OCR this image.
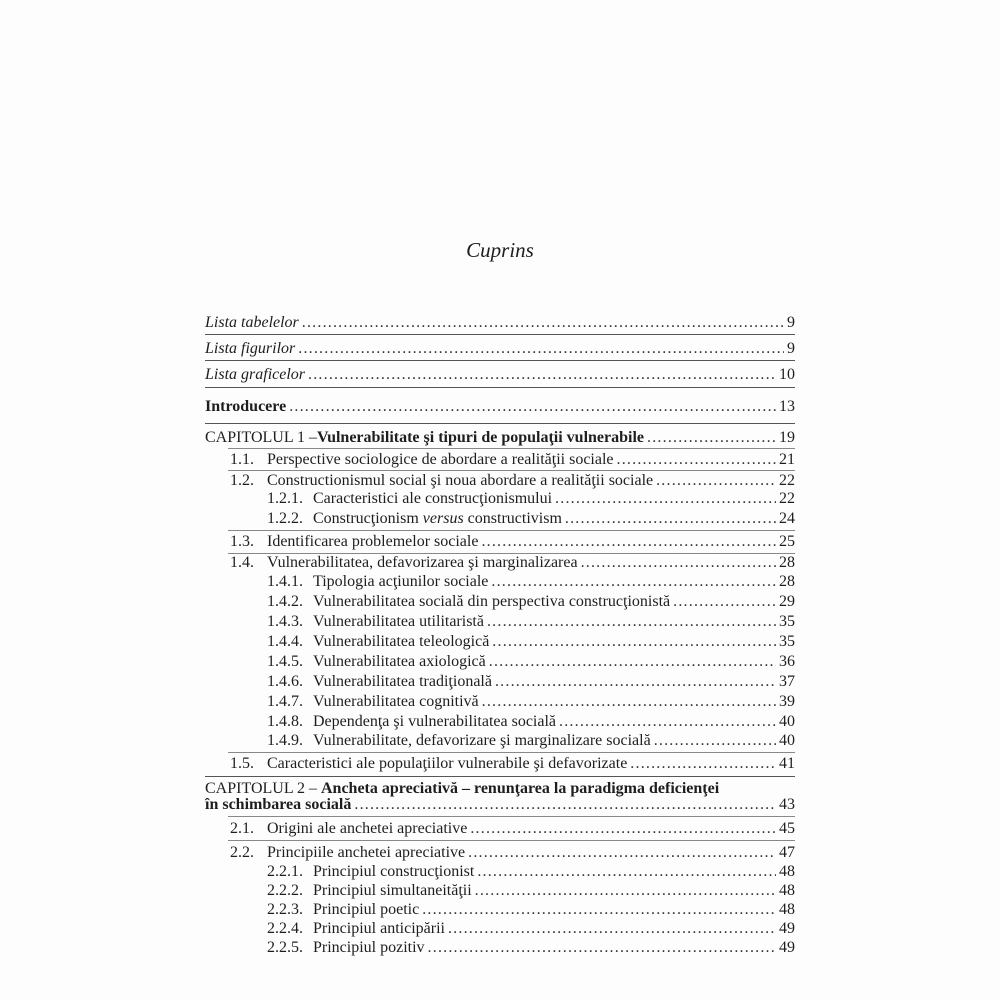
Cuprins
Lista tabelelor .....	9
Lista figurilor .....	9
Lista graficelor .....	10
Introducere .....	13
CAPITOLUL 1 – Vulnerabilitate şi tipuri de populaţii vulnerabile .....	19
1.1. Perspective sociologice de abordare a realităţii sociale .....	21
1.2. Constructionismul social şi noua abordare a realităţii sociale .....	22
1.2.1. Caracteristici ale construcţionismului .....	22
1.2.2. Construcţionism versus constructivism .....	24
1.3. Identificarea problemelor sociale .....	25
1.4. Vulnerabilitatea, defavorizarea şi marginalizarea .....	28
1.4.1. Tipologia acţiunilor sociale .....	28
1.4.2. Vulnerabilitatea socială din perspectiva construcţionistă .....	29
1.4.3. Vulnerabilitatea utilitaristă .....	35
1.4.4. Vulnerabilitatea teleologică .....	35
1.4.5. Vulnerabilitatea axiologică .....	36
1.4.6. Vulnerabilitatea tradiţională .....	37
1.4.7. Vulnerabilitatea cognitivă .....	39
1.4.8. Dependenţa şi vulnerabilitatea socială .....	40
1.4.9. Vulnerabilitate, defavorizare şi marginalizare socială .....	40
1.5. Caracteristici ale populaţiilor vulnerabile şi defavorizate .....	41
CAPITOLUL 2 – Ancheta apreciativă – renunţarea la paradigma deficienţei
în schimbarea socială .....	43
2.1. Origini ale anchetei apreciative .....	45
2.2. Principiile anchetei apreciative .....	47
2.2.1. Principiul construcţionist .....	48
2.2.2. Principiul simultaneităţii .....	48
2.2.3. Principiul poetic .....	48
2.2.4. Principiul anticipării .....	49
2.2.5. Principiul pozitiv .....	49
